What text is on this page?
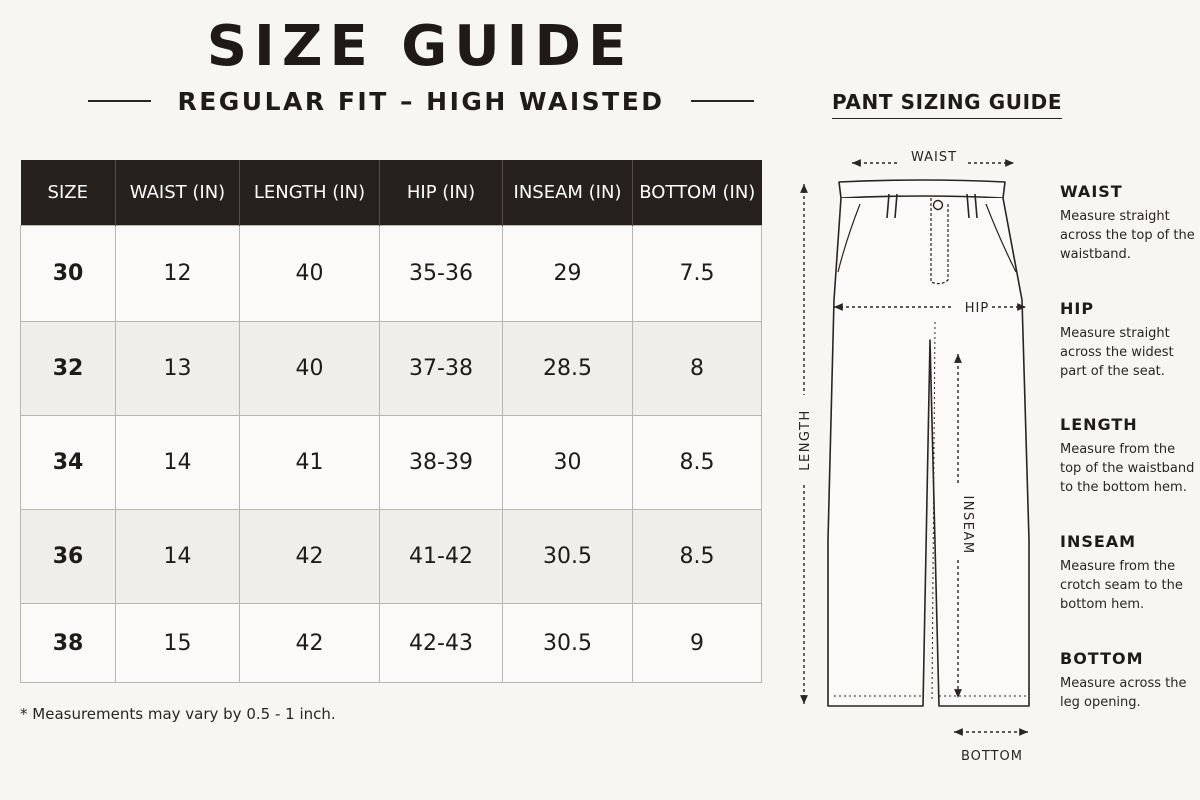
SIZE GUIDE
REGULAR FIT – HIGH WAISTED
SIZE	WAIST (IN)	LENGTH (IN)	HIP (IN)	INSEAM (IN)	BOTTOM (IN)
30	12	40	35-36	29	7.5
32	13	40	37-38	28.5	8
34	14	41	38-39	30	8.5
36	14	42	41-42	30.5	8.5
38	15	42	42-43	30.5	9
* Measurements may vary by 0.5 - 1 inch.
PANT SIZING GUIDE
WAIST
HIP
LENGTH
INSEAM
BOTTOM
WAIST
Measure straight across the top of the waistband.
HIP
Measure straight across the widest part of the seat.
LENGTH
Measure from the top of the waistband to the bottom hem.
INSEAM
Measure from the crotch seam to the bottom hem.
BOTTOM
Measure across the leg opening.
